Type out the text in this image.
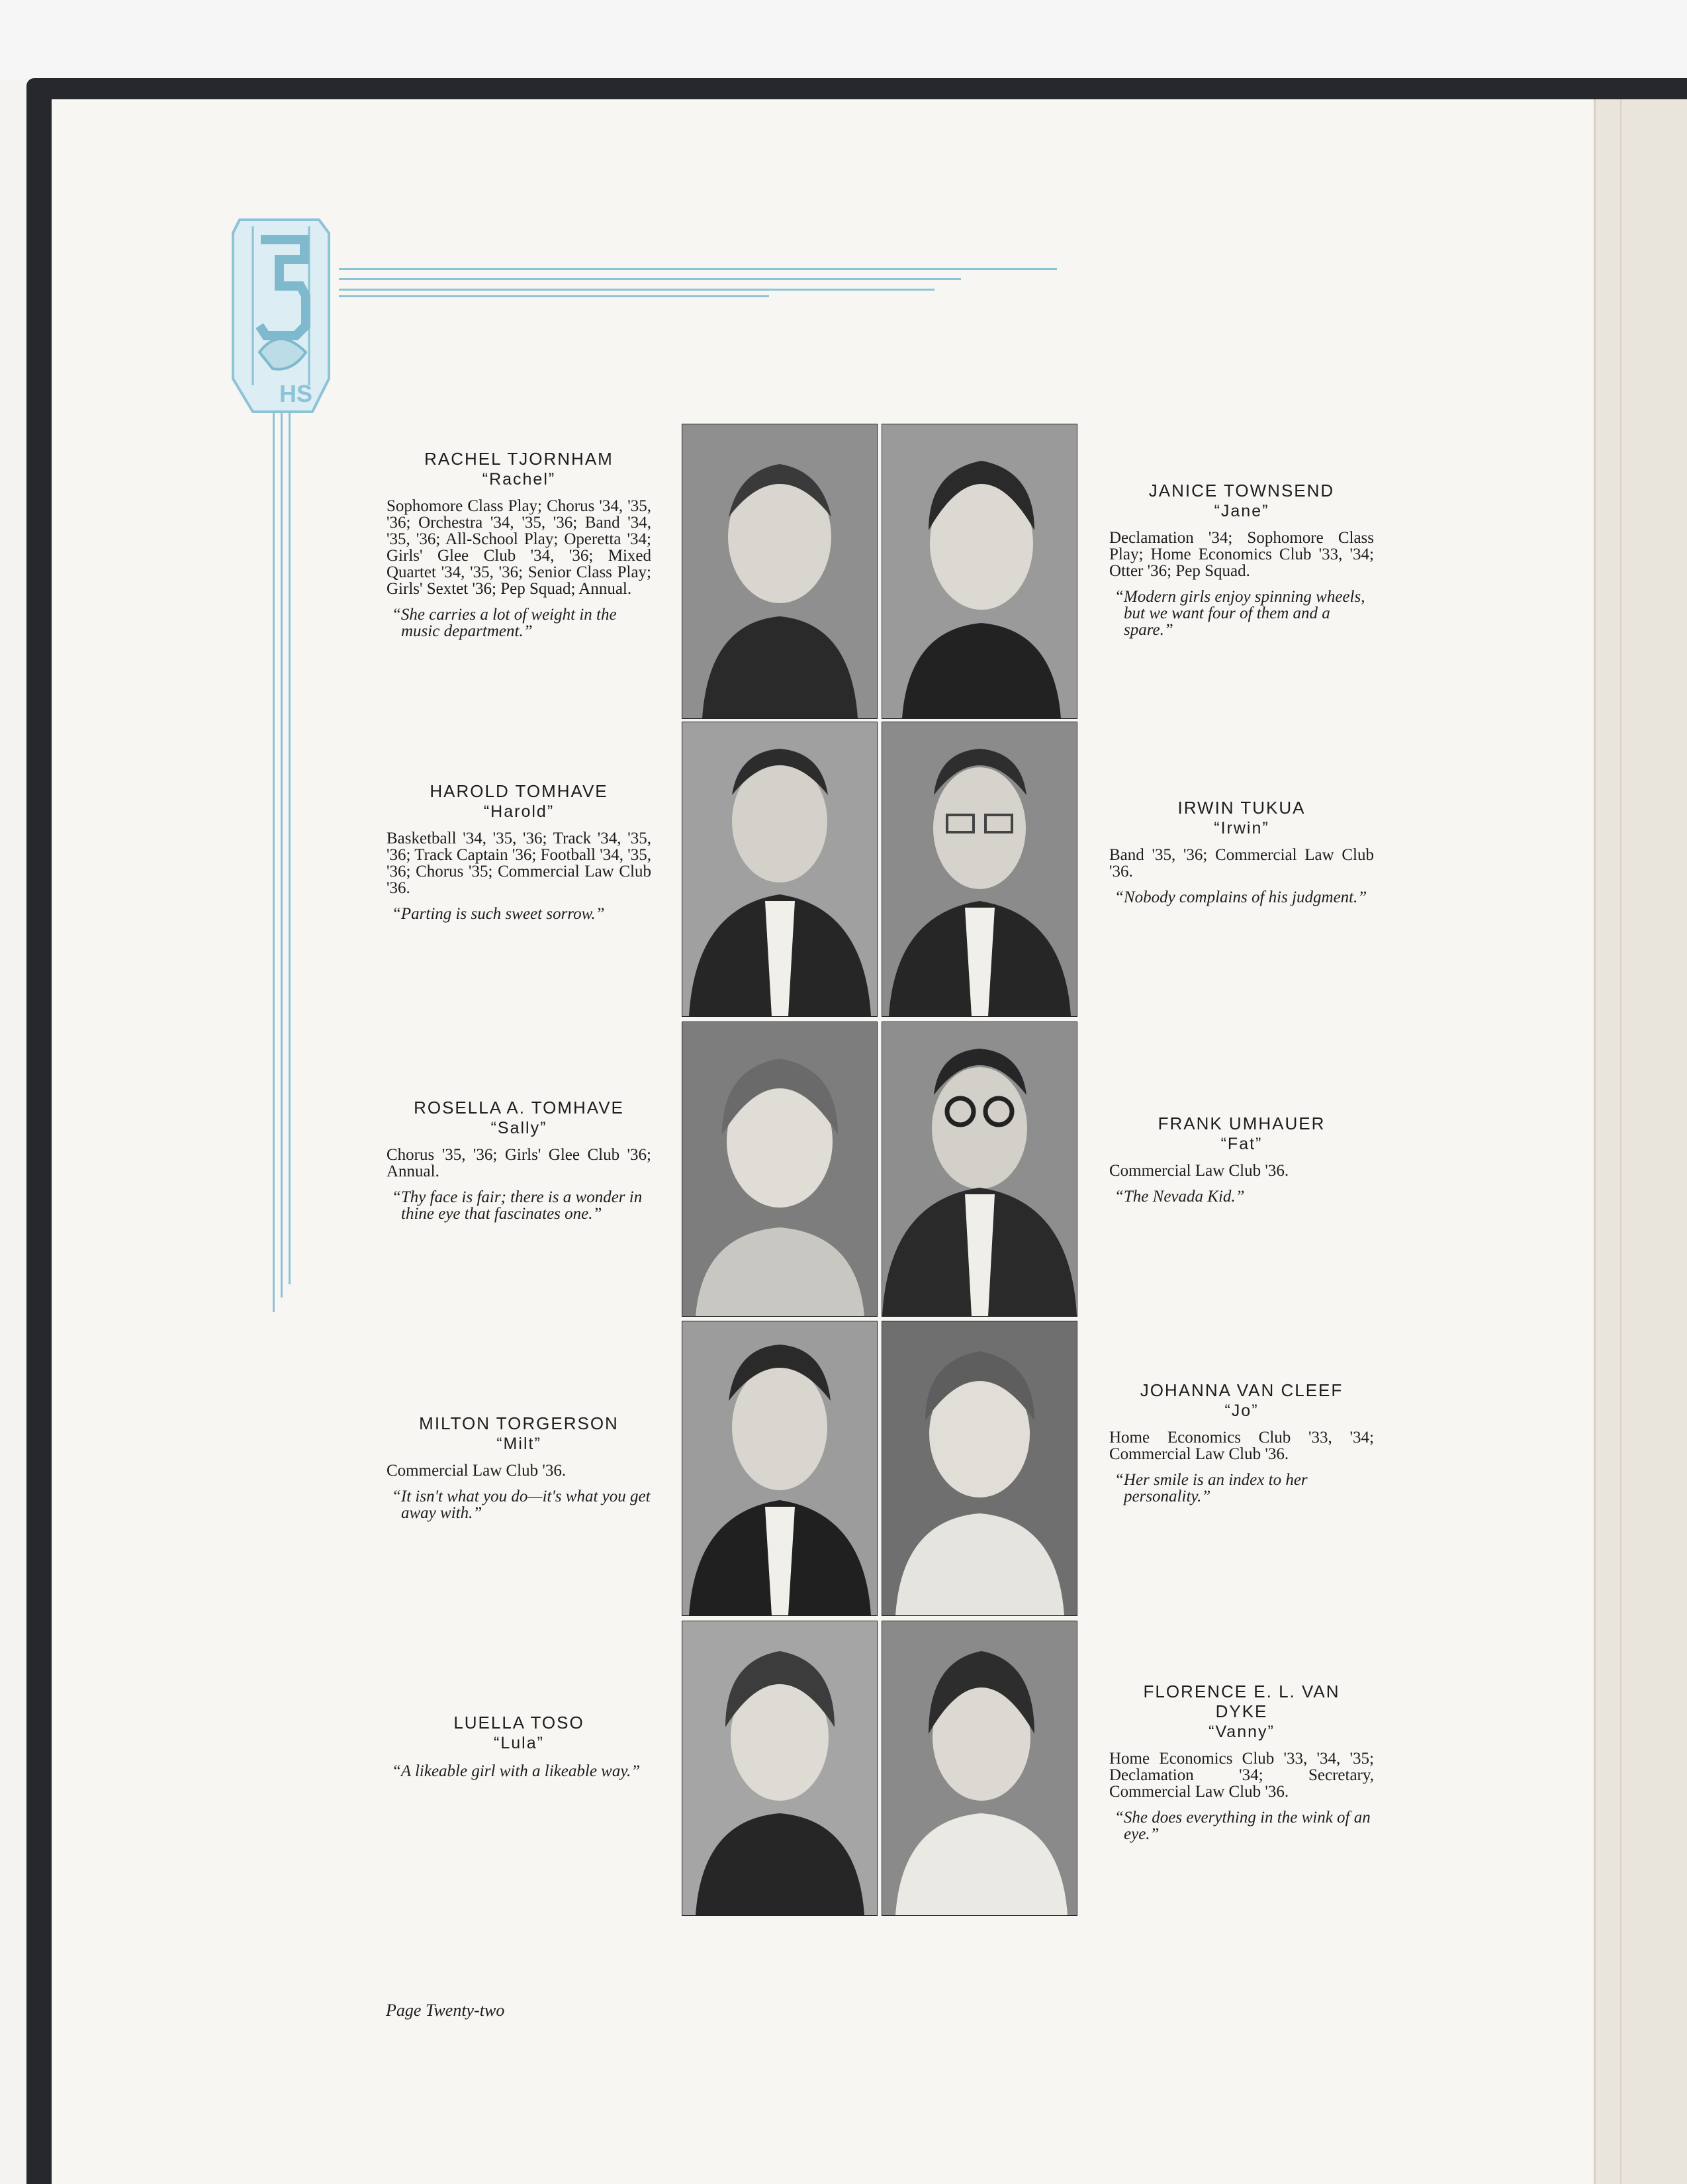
HS
RACHEL TJORNHAM
“Rachel”
Sophomore Class Play; Chorus '34, '35, '36; Orchestra '34, '35, '36; Band '34, '35, '36; All-School Play; Operetta '34; Girls' Glee Club '34, '36; Mixed Quartet '34, '35, '36; Senior Class Play; Girls' Sextet '36; Pep Squad; Annual.
“She carries a lot of weight in the music department.”
HAROLD TOMHAVE
“Harold”
Basketball '34, '35, '36; Track '34, '35, '36; Track Captain '36; Football '34, '35, '36; Chorus '35; Commercial Law Club '36.
“Parting is such sweet sorrow.”
ROSELLA A. TOMHAVE
“Sally”
Chorus '35, '36; Girls' Glee Club '36; Annual.
“Thy face is fair; there is a wonder in thine eye that fascinates one.”
MILTON TORGERSON
“Milt”
Commercial Law Club '36.
“It isn't what you do—it's what you get away with.”
LUELLA TOSO
“Lula”
“A likeable girl with a likeable way.”
JANICE TOWNSEND
“Jane”
Declamation '34; Sophomore Class Play; Home Economics Club '33, '34; Otter '36; Pep Squad.
“Modern girls enjoy spinning wheels, but we want four of them and a spare.”
IRWIN TUKUA
“Irwin”
Band '35, '36; Commercial Law Club '36.
“Nobody complains of his judgment.”
FRANK UMHAUER
“Fat”
Commercial Law Club '36.
“The Nevada Kid.”
JOHANNA VAN CLEEF
“Jo”
Home Economics Club '33, '34; Commercial Law Club '36.
“Her smile is an index to her personality.”
FLORENCE E. L. VAN DYKE
“Vanny”
Home Economics Club '33, '34, '35; Declamation '34; Secretary, Commercial Law Club '36.
“She does everything in the wink of an eye.”
Page Twenty-two
